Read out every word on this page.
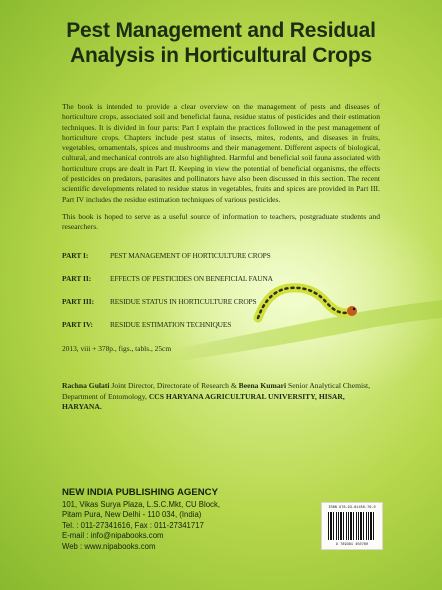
Pest Management and Residual
Analysis in Horticultural Crops

The book is intended to provide a clear overview on the management of pests and diseases of horticulture crops, associated soil and beneficial fauna, residue status of pesticides and their estimation techniques. It is divided in four parts: Part I explain the practices followed in the pest management of horticulture crops. Chapters include pest status of insects, mites, rodents, and diseases in fruits, vegetables, ornamentals, spices and mushrooms and their management. Different aspects of biological, cultural, and mechanical controls are also highlighted. Harmful and beneficial soil fauna associated with horticulture crops are dealt in Part II. Keeping in view the potential of beneficial organisms, the effects of pesticides on predators, parasites and pollinators have also been discussed in this section. The recent scientific developments related to residue status in vegetables, fruits and spices are provided in Part III. Part IV includes the residue estimation techniques of various pesticides.

This book is hoped to serve as a useful source of information to teachers, postgraduate students and researchers.

PART I:	PEST MANAGEMENT OF HORTICULTURE CROPS
PART II:	EFFECTS OF PESTICIDES ON BENEFICIAL FAUNA
PART III:	RESIDUE STATUS IN HORTICULTURE CROPS
PART IV:	RESIDUE ESTIMATION TECHNIQUES
2013, viii + 378p., figs., tabls., 25cm

Rachna Gulati Joint Director, Directorate of Research & Beena Kumari Senior Analytical Chemist, Department of Entomology, CCS HARYANA AGRICULTURAL UNIVERSITY, HISAR, HARYANA.

NEW INDIA PUBLISHING AGENCY
101, Vikas Surya Plaza, L.S.C.Mkt, CU Block,
Pitam Pura, New Delhi - 110 034, (India)
Tel. : 011-27341616, Fax : 011-27341717
E-mail : info@nipabooks.com
Web : www.nipabooks.com
ISBN 978-93-81450-76-0
9 789381 450760
